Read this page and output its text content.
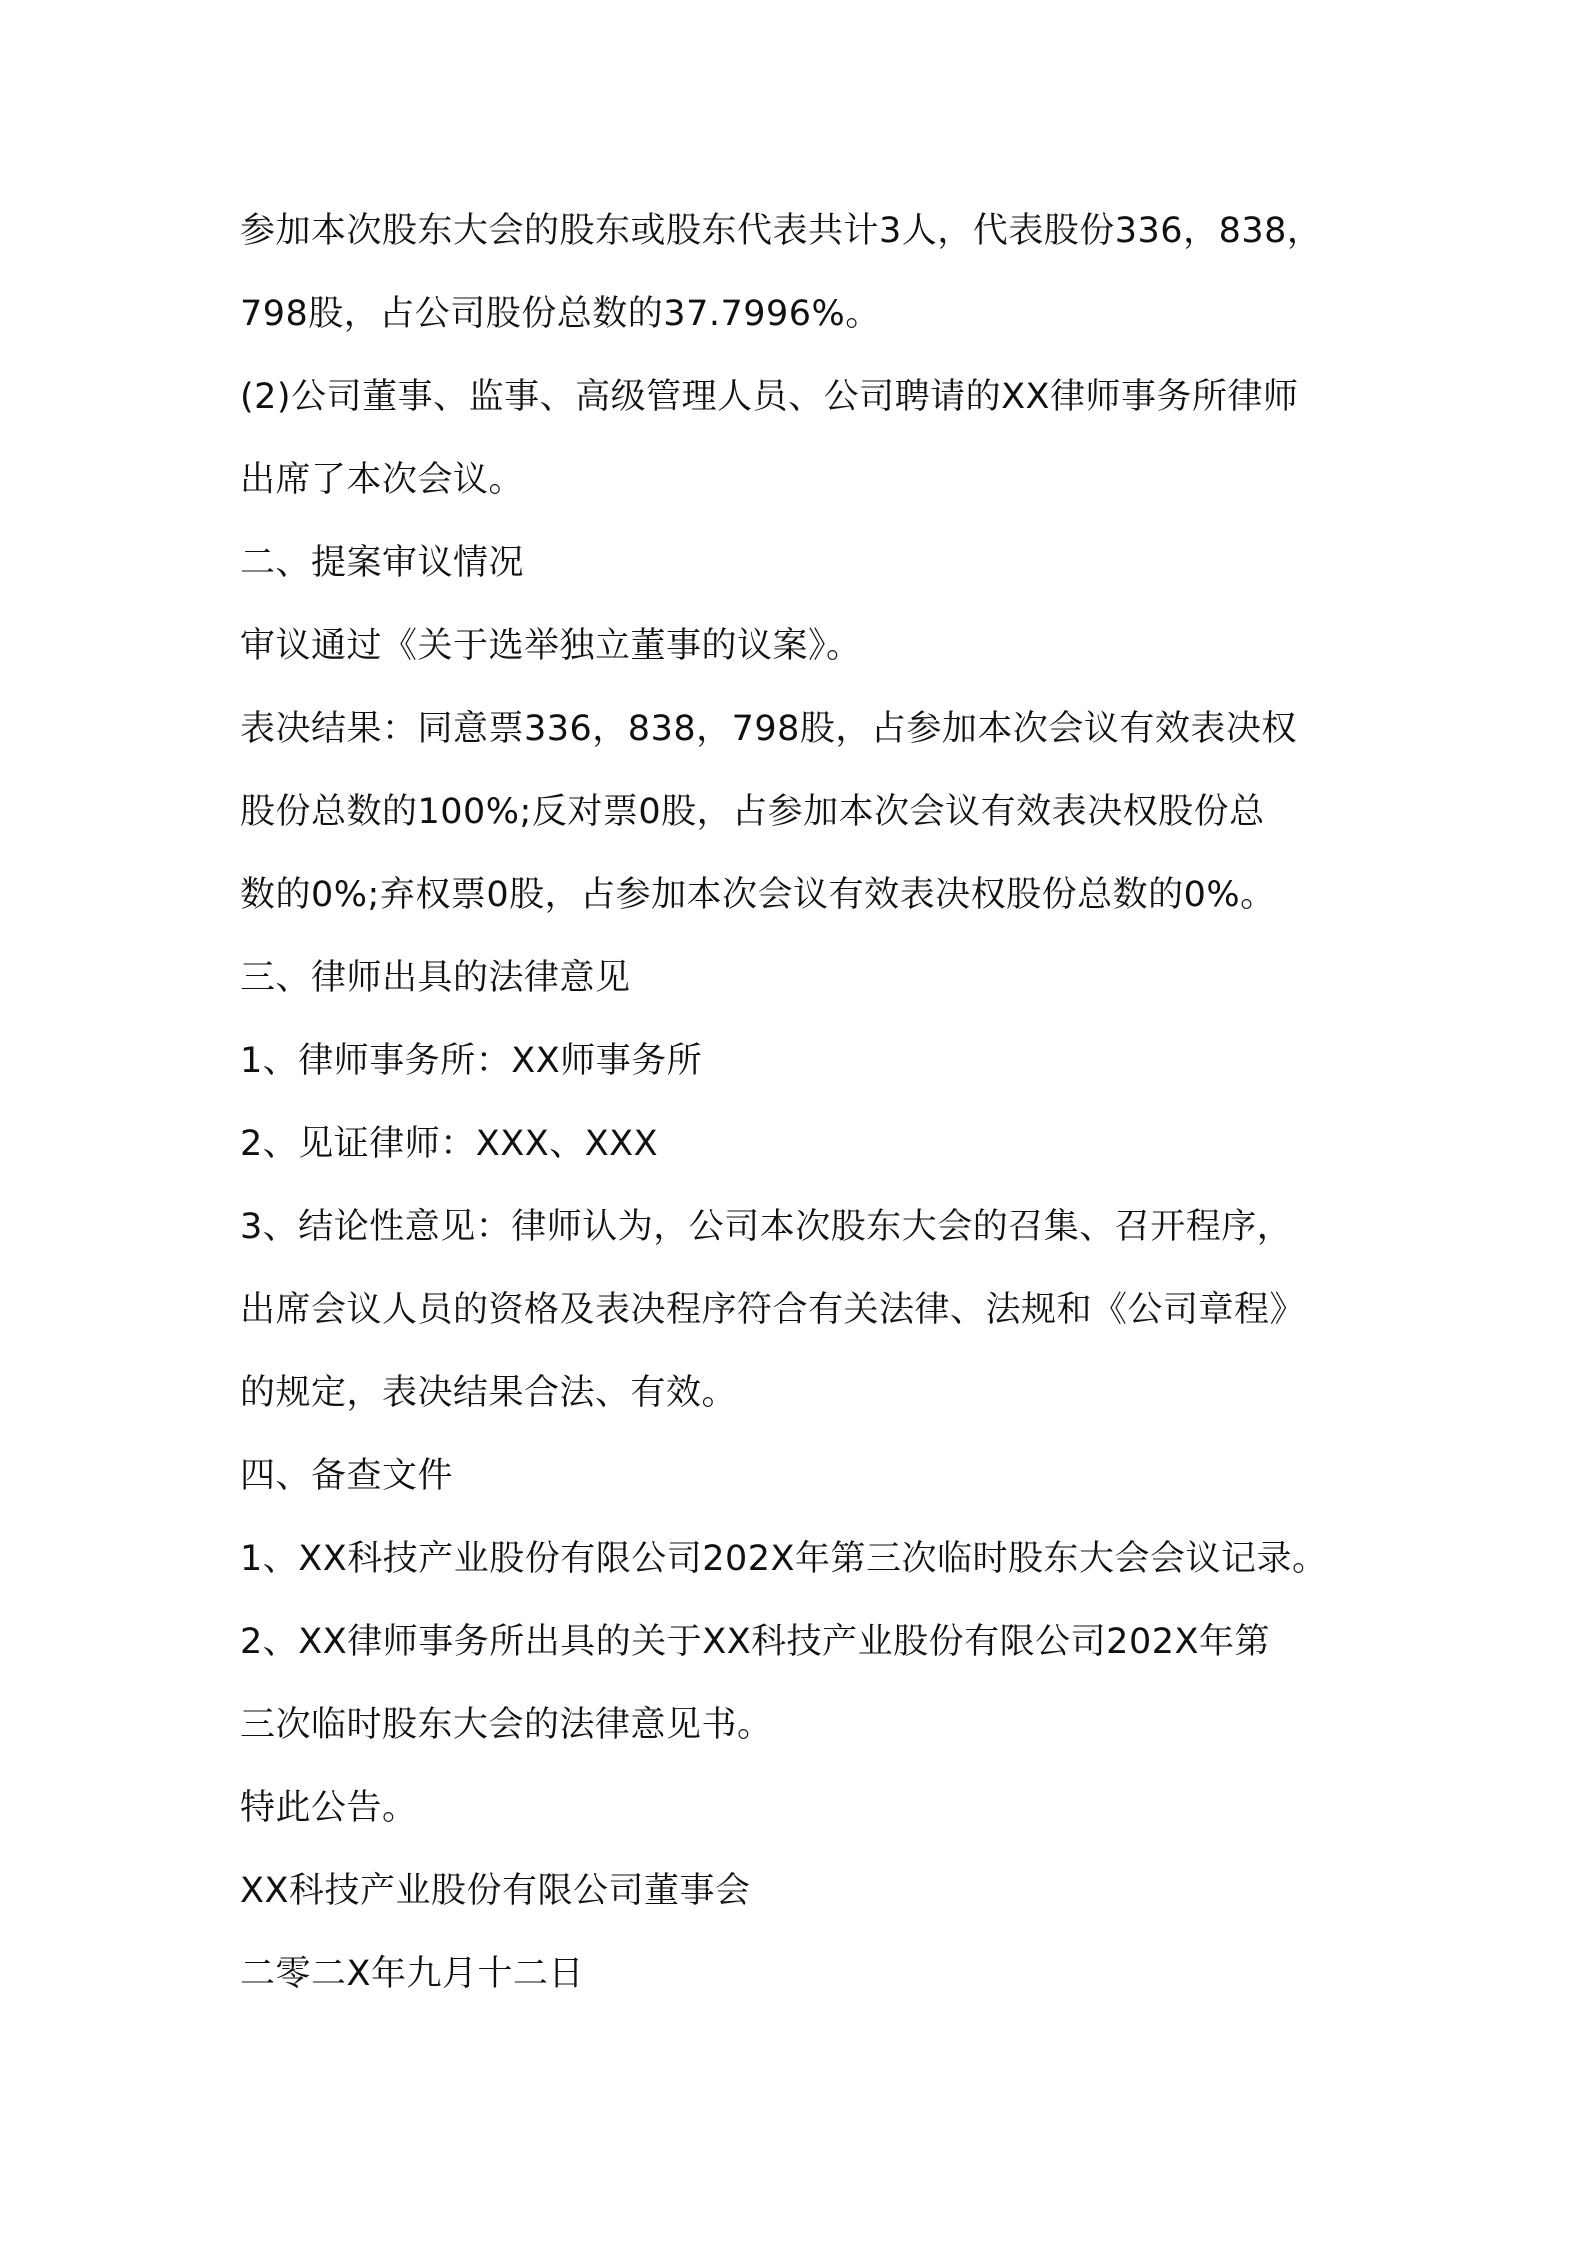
参加本次股东大会的股东或股东代表共计3人，代表股份336，838，
798股，占公司股份总数的37.7996%。
(2)公司董事、监事、高级管理人员、公司聘请的XX律师事务所律师
出席了本次会议。
二、提案审议情况
审议通过《关于选举独立董事的议案》。
表决结果：同意票336，838，798股，占参加本次会议有效表决权
股份总数的100%;反对票0股，占参加本次会议有效表决权股份总
数的0%;弃权票0股，占参加本次会议有效表决权股份总数的0%。
三、律师出具的法律意见
1、律师事务所：XX师事务所
2、见证律师：XXX、XXX
3、结论性意见：律师认为，公司本次股东大会的召集、召开程序，
出席会议人员的资格及表决程序符合有关法律、法规和《公司章程》
的规定，表决结果合法、有效。
四、备查文件
1、XX科技产业股份有限公司202X年第三次临时股东大会会议记录。
2、XX律师事务所出具的关于XX科技产业股份有限公司202X年第
三次临时股东大会的法律意见书。
特此公告。
XX科技产业股份有限公司董事会
二零二X年九月十二日
